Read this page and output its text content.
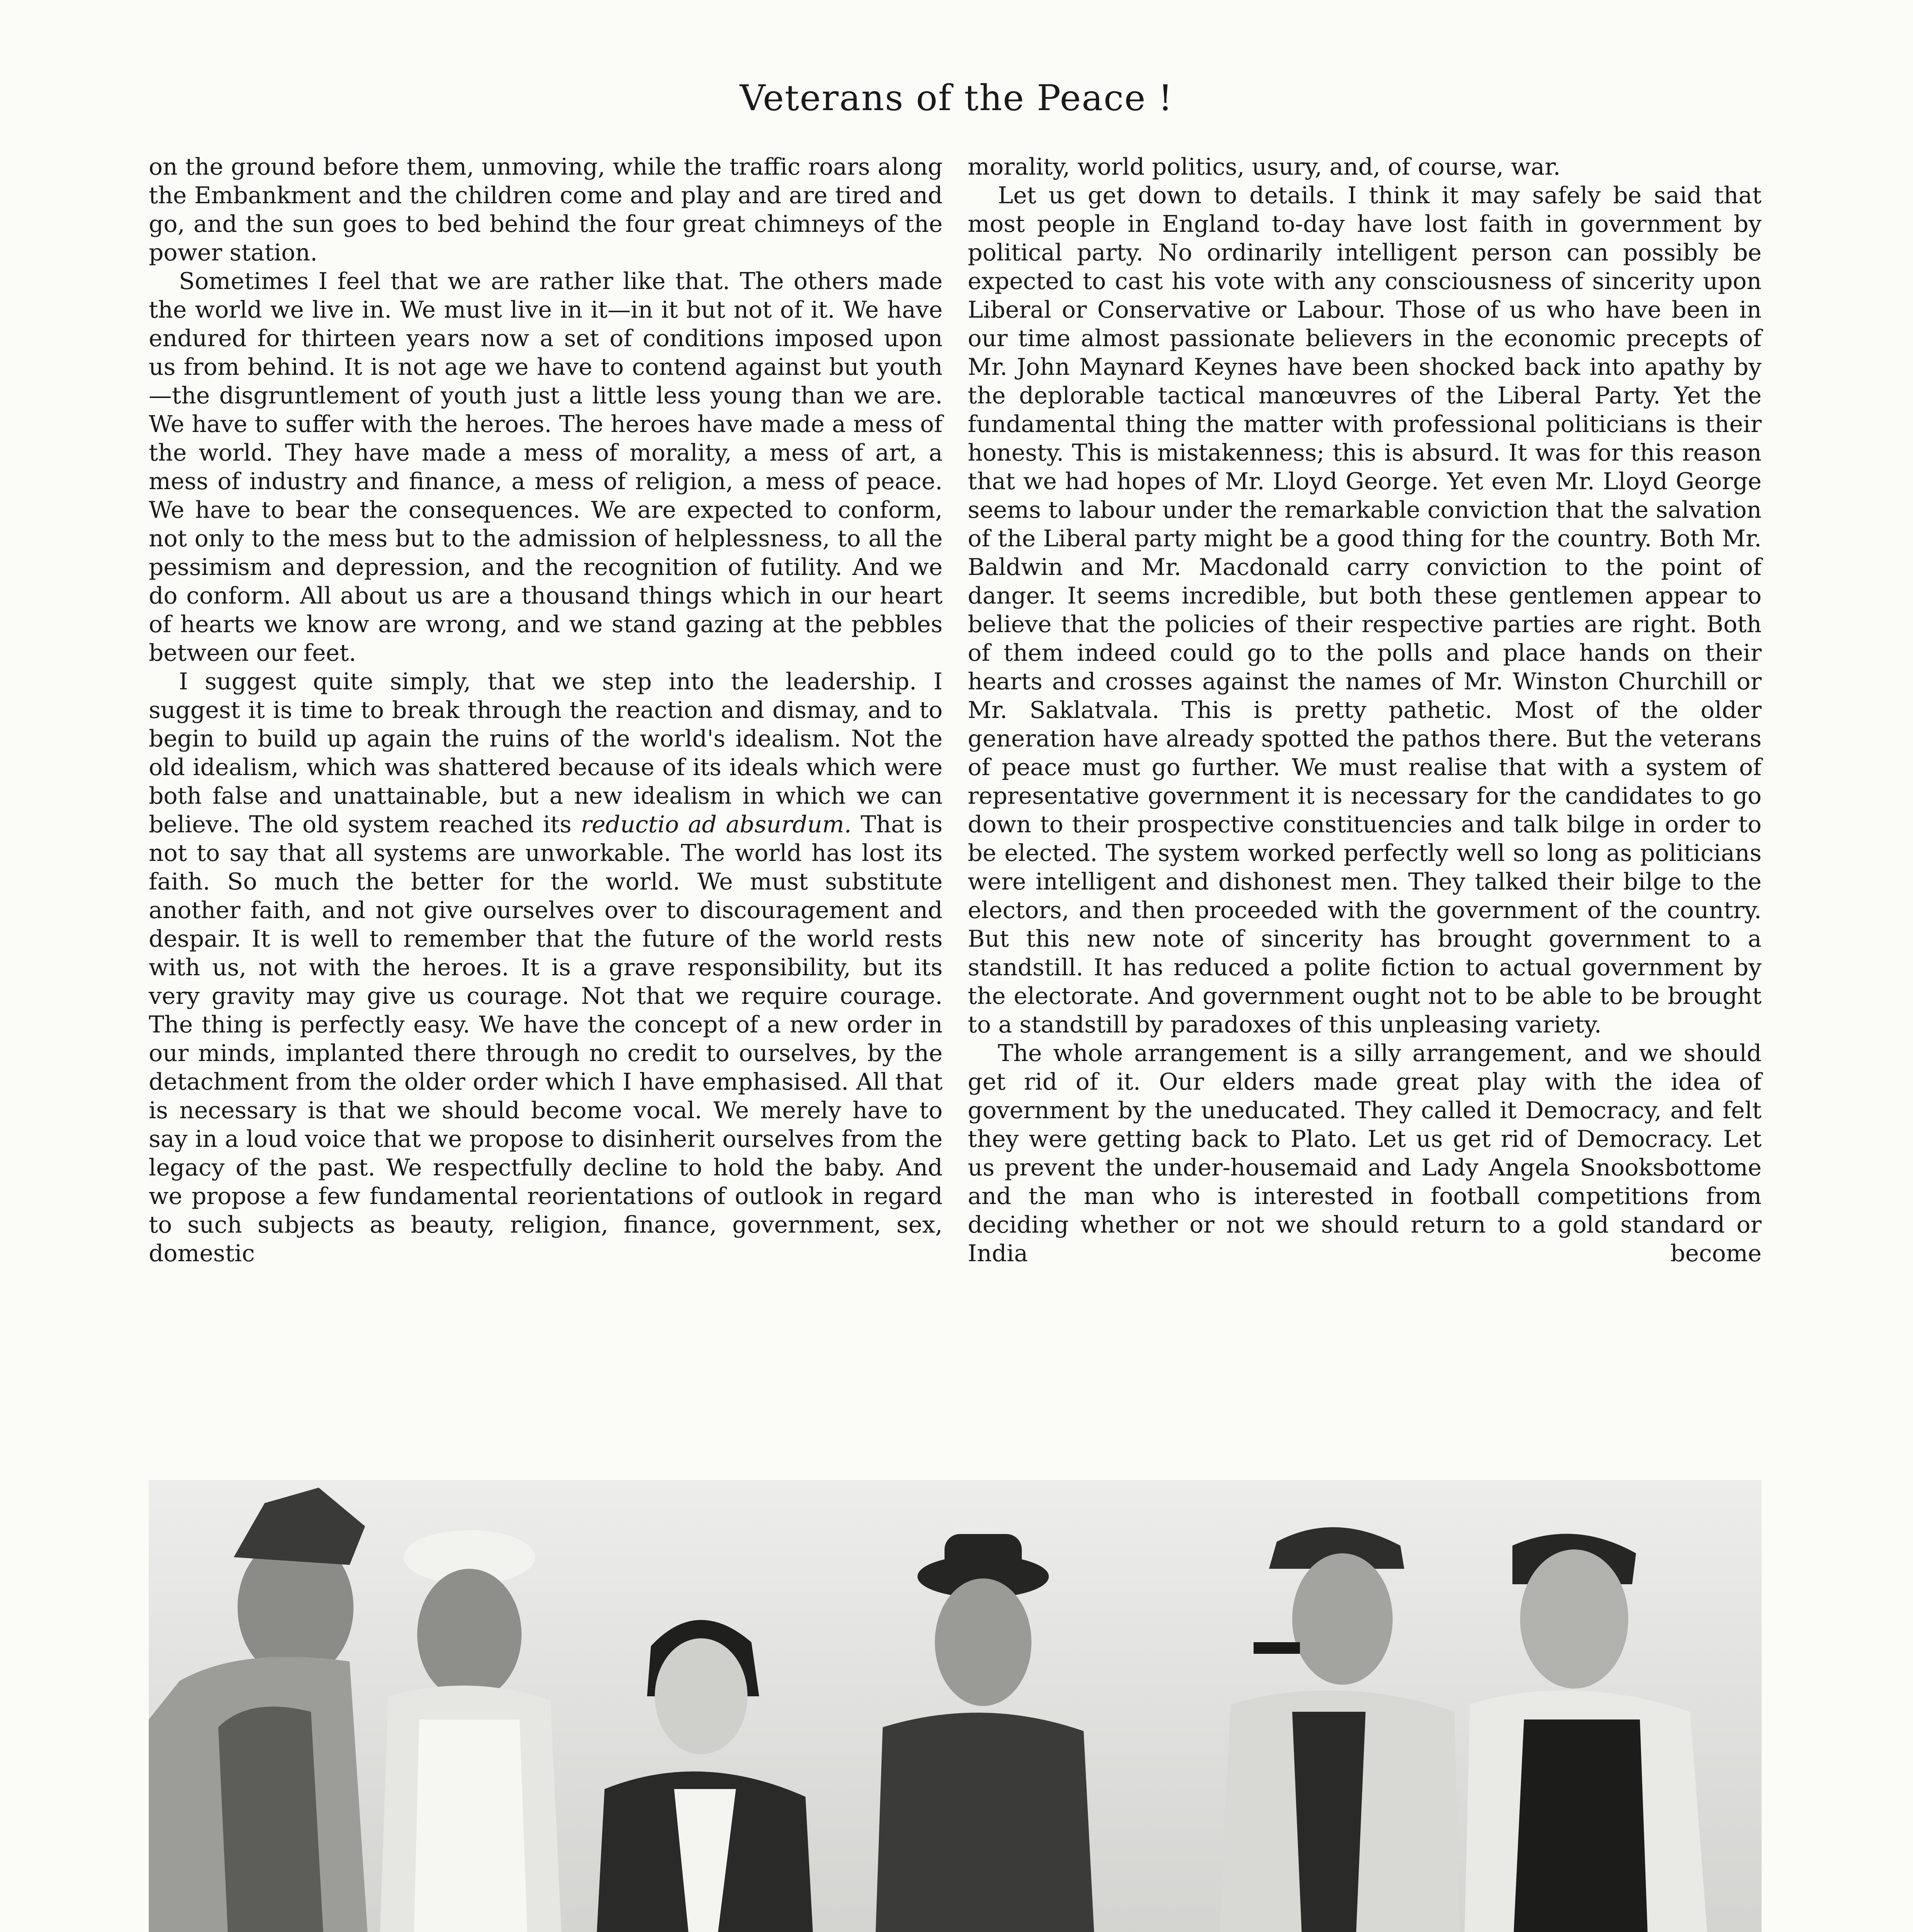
Veterans of the Peace !

on the ground before them, unmoving, while the traffic roars along the Embankment and the children come and play and are tired and go, and the sun goes to bed behind the four great chimneys of the power station.

Sometimes I feel that we are rather like that. The others made the world we live in. We must live in it—in it but not of it. We have endured for thirteen years now a set of conditions imposed upon us from behind. It is not age we have to contend against but youth—the disgruntlement of youth just a little less young than we are. We have to suffer with the heroes. The heroes have made a mess of the world. They have made a mess of morality, a mess of art, a mess of industry and finance, a mess of religion, a mess of peace. We have to bear the consequences. We are expected to conform, not only to the mess but to the admission of helplessness, to all the pessimism and depression, and the recognition of futility. And we do conform. All about us are a thousand things which in our heart of hearts we know are wrong, and we stand gazing at the pebbles between our feet.

I suggest quite simply, that we step into the leadership. I suggest it is time to break through the reaction and dismay, and to begin to build up again the ruins of the world's idealism. Not the old idealism, which was shattered because of its ideals which were both false and unattainable, but a new idealism in which we can believe. The old system reached its reductio ad absurdum. That is not to say that all systems are unworkable. The world has lost its faith. So much the better for the world. We must substitute another faith, and not give ourselves over to discouragement and despair. It is well to remember that the future of the world rests with us, not with the heroes. It is a grave responsibility, but its very gravity may give us courage. Not that we require courage. The thing is perfectly easy. We have the concept of a new order in our minds, implanted there through no credit to ourselves, by the detachment from the older order which I have emphasised. All that is necessary is that we should become vocal. We merely have to say in a loud voice that we propose to disinherit ourselves from the legacy of the past. We respectfully decline to hold the baby. And we propose a few fundamental reorientations of outlook in regard to such subjects as beauty, religion, finance, government, sex, domestic

morality, world politics, usury, and, of course, war.

Let us get down to details. I think it may safely be said that most people in England to-day have lost faith in government by political party. No ordinarily intelligent person can possibly be expected to cast his vote with any consciousness of sincerity upon Liberal or Conservative or Labour. Those of us who have been in our time almost passionate believers in the economic precepts of Mr. John Maynard Keynes have been shocked back into apathy by the deplorable tactical manœuvres of the Liberal Party. Yet the fundamental thing the matter with professional politicians is their honesty. This is mistakenness; this is absurd. It was for this reason that we had hopes of Mr. Lloyd George. Yet even Mr. Lloyd George seems to labour under the remarkable conviction that the salvation of the Liberal party might be a good thing for the country. Both Mr. Baldwin and Mr. Macdonald carry conviction to the point of danger. It seems incredible, but both these gentlemen appear to believe that the policies of their respective parties are right. Both of them indeed could go to the polls and place hands on their hearts and crosses against the names of Mr. Winston Churchill or Mr. Saklatvala. This is pretty pathetic. Most of the older generation have already spotted the pathos there. But the veterans of peace must go further. We must realise that with a system of representative government it is necessary for the candidates to go down to their prospective constituencies and talk bilge in order to be elected. The system worked perfectly well so long as politicians were intelligent and dishonest men. They talked their bilge to the electors, and then proceeded with the government of the country. But this new note of sincerity has brought government to a standstill. It has reduced a polite fiction to actual government by the electorate. And government ought not to be able to be brought to a standstill by paradoxes of this unpleasing variety.

The whole arrangement is a silly arrangement, and we should get rid of it. Our elders made great play with the idea of government by the uneducated. They called it Democracy, and felt they were getting back to Plato. Let us get rid of Democracy. Let us prevent the under-housemaid and Lady Angela Snooksbottome and the man who is interested in football competitions from deciding whether or not we should return to a gold standard or India become
